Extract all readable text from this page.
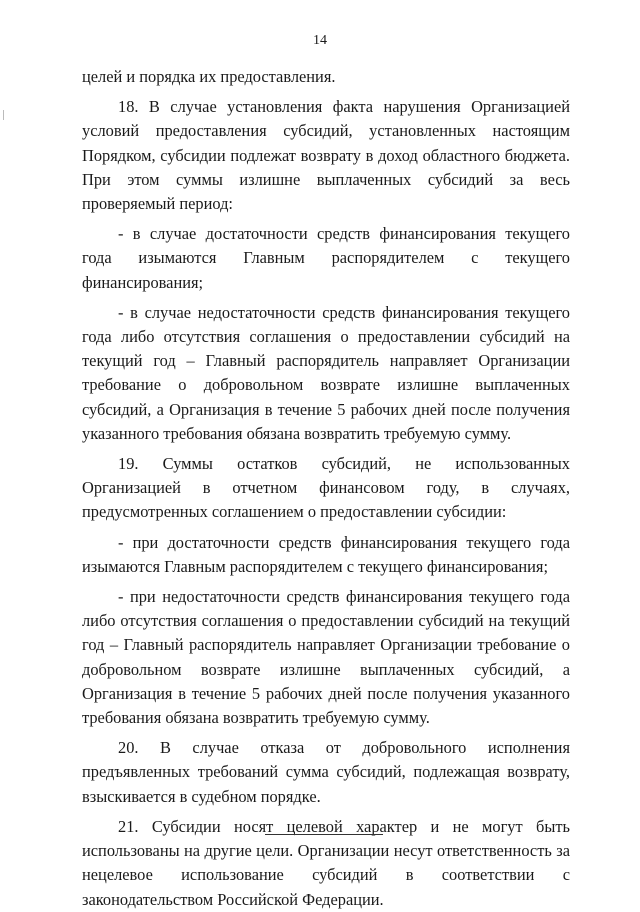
14

целей и порядка их предоставления.

18. В случае установления факта нарушения Организацией условий предоставления субсидий, установленных настоящим Порядком, субсидии подлежат возврату в доход областного бюджета. При этом суммы излишне выплаченных субсидий за весь проверяемый период:

- в случае достаточности средств финансирования текущего года изымаются Главным распорядителем с текущего финансирования;

- в случае недостаточности средств финансирования текущего года либо отсутствия соглашения о предоставлении субсидий на текущий год – Главный распорядитель направляет Организации требование о добровольном возврате излишне выплаченных субсидий, а Организация в течение 5 рабочих дней после получения указанного требования обязана возвратить требуемую сумму.

19. Суммы остатков субсидий, не использованных Организацией в отчетном финансовом году, в случаях, предусмотренных соглашением о предоставлении субсидии:

- при достаточности средств финансирования текущего года изымаются Главным распорядителем с текущего финансирования;

- при недостаточности средств финансирования текущего года либо отсутствия соглашения о предоставлении субсидий на текущий год – Главный распорядитель направляет Организации требование о добровольном возврате излишне выплаченных субсидий, а Организация в течение 5 рабочих дней после получения указанного требования обязана возвратить требуемую сумму.

20. В случае отказа от добровольного исполнения предъявленных требований сумма субсидий, подлежащая возврату, взыскивается в судебном порядке.

21. Субсидии носят целевой характер и не могут быть использованы на другие цели. Организации несут ответственность за нецелевое использование субсидий в соответствии с законодательством Российской Федерации.
